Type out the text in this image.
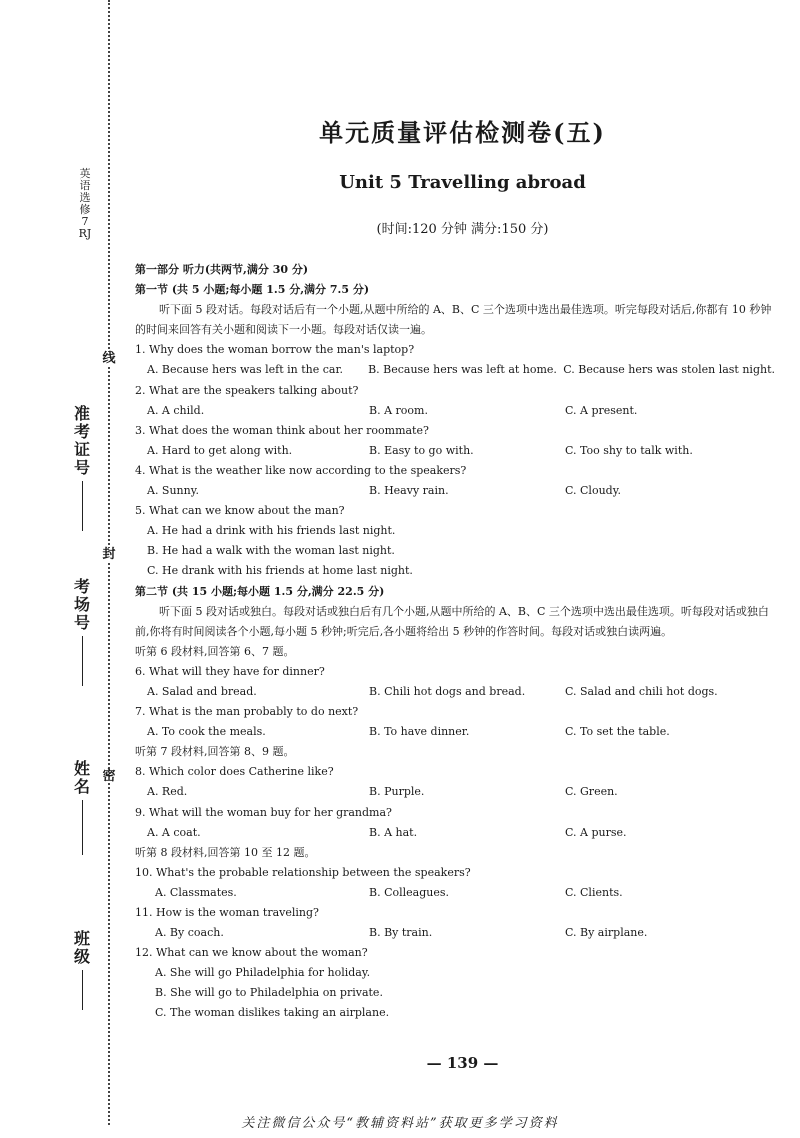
线
封
密
英语 选修7 RJ
准考证号
考场号
姓名
班级
单元质量评估检测卷(五)
Unit 5 Travelling abroad
(时间:120 分钟 满分:150 分)
第一部分 听力(共两节,满分 30 分)
第一节 (共 5 小题;每小题 1.5 分,满分 7.5 分)
听下面 5 段对话。每段对话后有一个小题,从题中所给的 A、B、C 三个选项中选出最佳选项。听完每段对话后,你都有 10 秒钟的时间来回答有关小题和阅读下一小题。每段对话仅读一遍。
1. Why does the woman borrow the man's laptop?
A. Because hers was left in the car.	B. Because hers was left at home. C. Because hers was stolen last night.
2. What are the speakers talking about?
A. A child.	B. A room.	C. A present.
3. What does the woman think about her roommate?
A. Hard to get along with.	B. Easy to go with.	C. Too shy to talk with.
4. What is the weather like now according to the speakers?
A. Sunny.	B. Heavy rain.	C. Cloudy.
5. What can we know about the man?
A. He had a drink with his friends last night.
B. He had a walk with the woman last night.
C. He drank with his friends at home last night.
第二节 (共 15 小题;每小题 1.5 分,满分 22.5 分)
听下面 5 段对话或独白。每段对话或独白后有几个小题,从题中所给的 A、B、C 三个选项中选出最佳选项。听每段对话或独白前,你将有时间阅读各个小题,每小题 5 秒钟;听完后,各小题将给出 5 秒钟的作答时间。每段对话或独白读两遍。
听第 6 段材料,回答第 6、7 题。
6. What will they have for dinner?
A. Salad and bread.	B. Chili hot dogs and bread.	C. Salad and chili hot dogs.
7. What is the man probably to do next?
A. To cook the meals.	B. To have dinner.	C. To set the table.
听第 7 段材料,回答第 8、9 题。
8. Which color does Catherine like?
A. Red.	B. Purple.	C. Green.
9. What will the woman buy for her grandma?
A. A coat.	B. A hat.	C. A purse.
听第 8 段材料,回答第 10 至 12 题。
10. What's the probable relationship between the speakers?
A. Classmates.	B. Colleagues.	C. Clients.
11. How is the woman traveling?
A. By coach.	B. By train.	C. By airplane.
12. What can we know about the woman?
A. She will go Philadelphia for holiday.
B. She will go to Philadelphia on private.
C. The woman dislikes taking an airplane.
— 139 —
关注微信公众号“教辅资料站”获取更多学习资料
